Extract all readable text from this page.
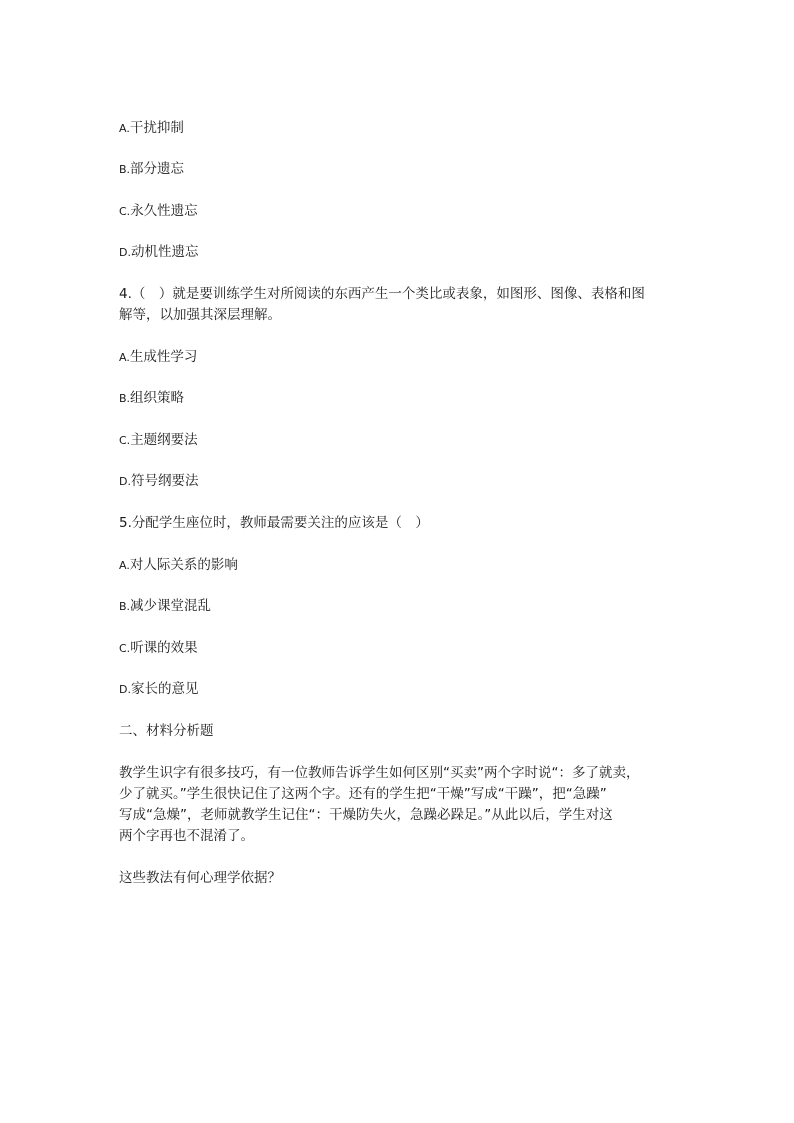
A.干扰抑制
B.部分遗忘
C.永久性遗忘
D.动机性遗忘
4.（　）就是要训练学生对所阅读的东西产生一个类比或表象，如图形、图像、表格和图
解等，以加强其深层理解。
A.生成性学习
B.组织策略
C.主题纲要法
D.符号纲要法
5.分配学生座位时，教师最需要关注的应该是（　）
A.对人际关系的影响
B.减少课堂混乱
C.听课的效果
D.家长的意见
二、材料分析题
教学生识字有很多技巧，有一位教师告诉学生如何区别“买卖”两个字时说“：多了就卖，
少了就买。”学生很快记住了这两个字。还有的学生把“干燥”写成“干躁”，把“急躁”
写成“急燥”，老师就教学生记住“：干燥防失火，急躁必跺足。”从此以后，学生对这
两个字再也不混淆了。
这些教法有何心理学依据？
